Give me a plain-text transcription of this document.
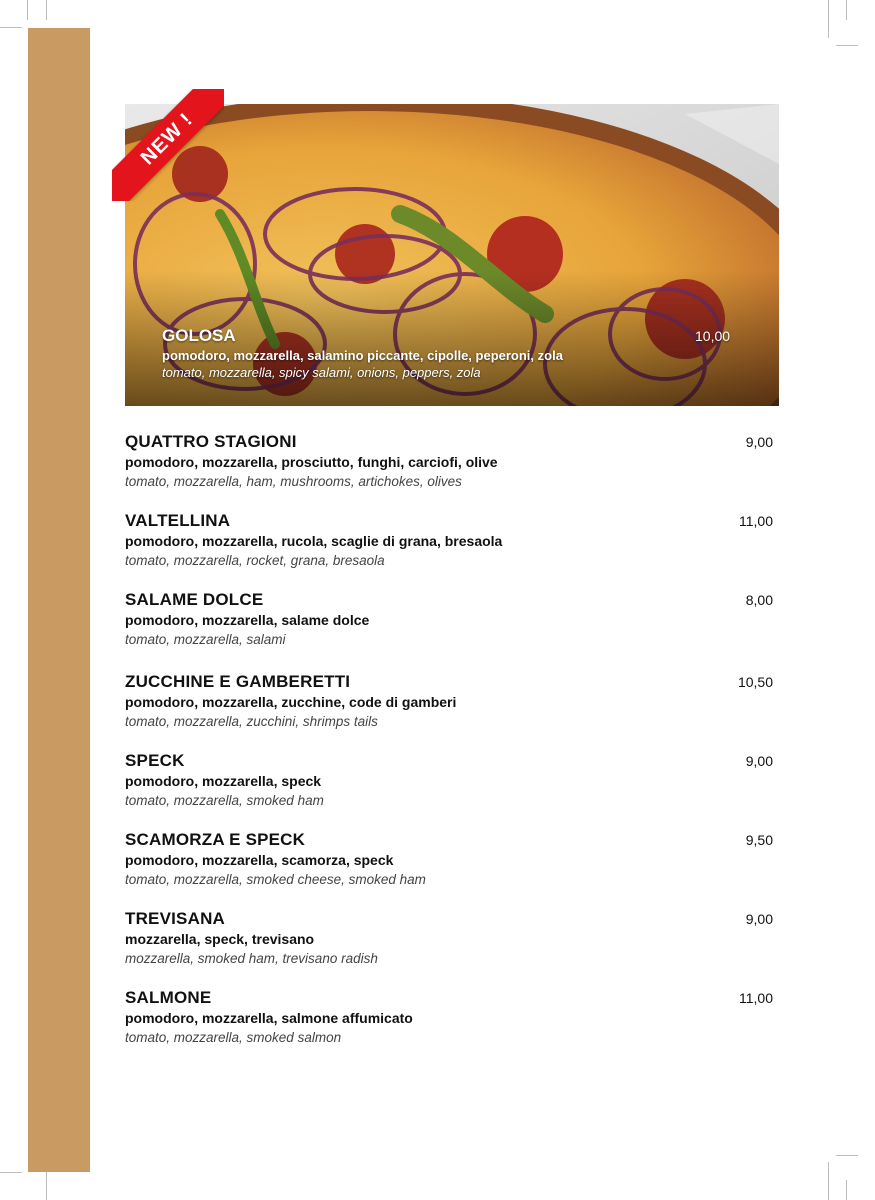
GOLOSA
pomodoro, mozzarella, salamino piccante, cipolle, peperoni, zola
tomato, mozzarella, spicy salami, onions, peppers, zola
10,00
NEW !
QUATTRO STAGIONI	9,00
pomodoro, mozzarella, prosciutto, funghi, carciofi, olive
tomato, mozzarella, ham, mushrooms, artichokes, olives
VALTELLINA	11,00
pomodoro, mozzarella, rucola, scaglie di grana, bresaola
tomato, mozzarella, rocket, grana, bresaola
SALAME DOLCE	8,00
pomodoro, mozzarella, salame dolce
tomato, mozzarella, salami
ZUCCHINE E GAMBERETTI	10,50
pomodoro, mozzarella, zucchine, code di gamberi
tomato, mozzarella, zucchini, shrimps tails
SPECK	9,00
pomodoro, mozzarella, speck
tomato, mozzarella, smoked ham
SCAMORZA E SPECK	9,50
pomodoro, mozzarella, scamorza, speck
tomato, mozzarella, smoked cheese, smoked ham
TREVISANA	9,00
mozzarella, speck, trevisano
mozzarella, smoked ham, trevisano radish
SALMONE	11,00
pomodoro, mozzarella, salmone affumicato
tomato, mozzarella, smoked salmon
